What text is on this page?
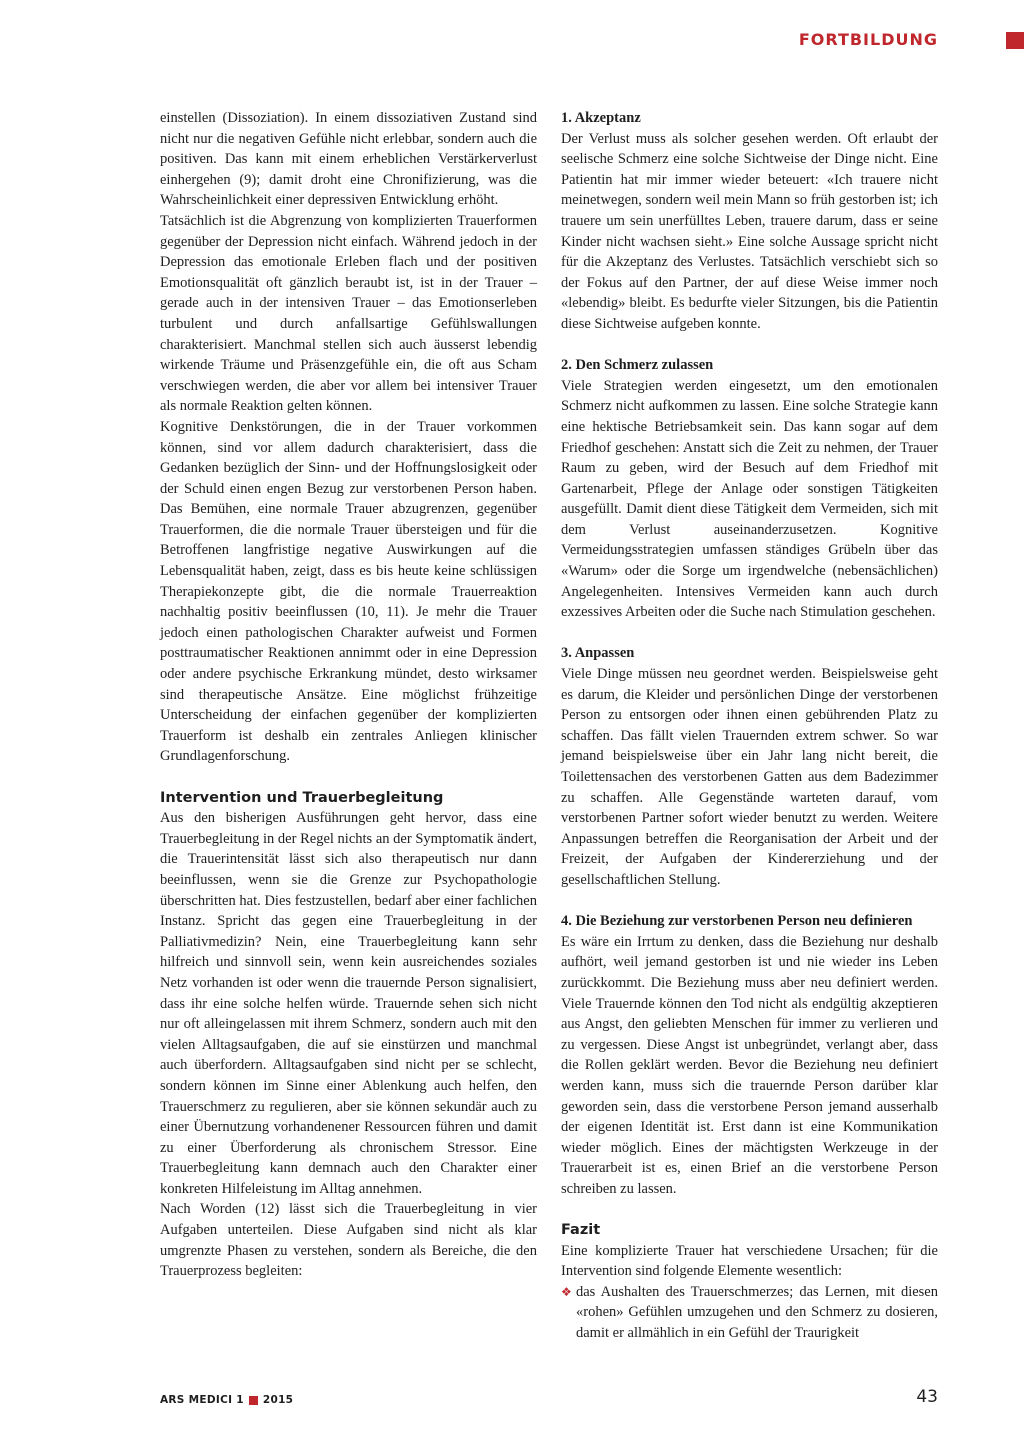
FORTBILDUNG

einstellen (Dissoziation). In einem dissoziativen Zustand sind nicht nur die negativen Gefühle nicht erlebbar, sondern auch die positiven. Das kann mit einem erheblichen Verstärkerverlust einhergehen (9); damit droht eine Chronifizierung, was die Wahrscheinlichkeit einer depressiven Entwicklung erhöht.

Tatsächlich ist die Abgrenzung von komplizierten Trauerformen gegenüber der Depression nicht einfach. Während jedoch in der Depression das emotionale Erleben flach und der positiven Emotionsqualität oft gänzlich beraubt ist, ist in der Trauer – gerade auch in der intensiven Trauer – das Emotionserleben turbulent und durch anfallsartige Gefühlswallungen charakterisiert. Manchmal stellen sich auch äusserst lebendig wirkende Träume und Präsenzgefühle ein, die oft aus Scham verschwiegen werden, die aber vor allem bei intensiver Trauer als normale Reaktion gelten können.

Kognitive Denkstörungen, die in der Trauer vorkommen können, sind vor allem dadurch charakterisiert, dass die Gedanken bezüglich der Sinn- und der Hoffnungslosigkeit oder der Schuld einen engen Bezug zur verstorbenen Person haben. Das Bemühen, eine normale Trauer abzugrenzen, gegenüber Trauerformen, die die normale Trauer übersteigen und für die Betroffenen langfristige negative Auswirkungen auf die Lebensqualität haben, zeigt, dass es bis heute keine schlüssigen Therapiekonzepte gibt, die die normale Trauerreaktion nachhaltig positiv beeinflussen (10, 11). Je mehr die Trauer jedoch einen pathologischen Charakter aufweist und Formen posttraumatischer Reaktionen annimmt oder in eine Depression oder andere psychische Erkrankung mündet, desto wirksamer sind therapeutische Ansätze. Eine möglichst frühzeitige Unterscheidung der einfachen gegenüber der komplizierten Trauerform ist deshalb ein zentrales Anliegen klinischer Grundlagenforschung.

Intervention und Trauerbegleitung

Aus den bisherigen Ausführungen geht hervor, dass eine Trauerbegleitung in der Regel nichts an der Symptomatik ändert, die Trauerintensität lässt sich also therapeutisch nur dann beeinflussen, wenn sie die Grenze zur Psychopathologie überschritten hat. Dies festzustellen, bedarf aber einer fachlichen Instanz. Spricht das gegen eine Trauerbegleitung in der Palliativmedizin? Nein, eine Trauerbegleitung kann sehr hilfreich und sinnvoll sein, wenn kein ausreichendes soziales Netz vorhanden ist oder wenn die trauernde Person signalisiert, dass ihr eine solche helfen würde. Trauernde sehen sich nicht nur oft alleingelassen mit ihrem Schmerz, sondern auch mit den vielen Alltagsaufgaben, die auf sie einstürzen und manchmal auch überfordern. Alltagsaufgaben sind nicht per se schlecht, sondern können im Sinne einer Ablenkung auch helfen, den Trauerschmerz zu regulieren, aber sie können sekundär auch zu einer Übernutzung vorhandenener Ressourcen führen und damit zu einer Überforderung als chronischem Stressor. Eine Trauerbegleitung kann demnach auch den Charakter einer konkreten Hilfeleistung im Alltag annehmen.

Nach Worden (12) lässt sich die Trauerbegleitung in vier Aufgaben unterteilen. Diese Aufgaben sind nicht als klar umgrenzte Phasen zu verstehen, sondern als Bereiche, die den Trauerprozess begleiten:

1. Akzeptanz

Der Verlust muss als solcher gesehen werden. Oft erlaubt der seelische Schmerz eine solche Sichtweise der Dinge nicht. Eine Patientin hat mir immer wieder beteuert: «Ich trauere nicht meinetwegen, sondern weil mein Mann so früh gestorben ist; ich trauere um sein unerfülltes Leben, trauere darum, dass er seine Kinder nicht wachsen sieht.» Eine solche Aussage spricht nicht für die Akzeptanz des Verlustes. Tatsächlich verschiebt sich so der Fokus auf den Partner, der auf diese Weise immer noch «lebendig» bleibt. Es bedurfte vieler Sitzungen, bis die Patientin diese Sichtweise aufgeben konnte.

2. Den Schmerz zulassen

Viele Strategien werden eingesetzt, um den emotionalen Schmerz nicht aufkommen zu lassen. Eine solche Strategie kann eine hektische Betriebsamkeit sein. Das kann sogar auf dem Friedhof geschehen: Anstatt sich die Zeit zu nehmen, der Trauer Raum zu geben, wird der Besuch auf dem Friedhof mit Gartenarbeit, Pflege der Anlage oder sonstigen Tätigkeiten ausgefüllt. Damit dient diese Tätigkeit dem Vermeiden, sich mit dem Verlust auseinanderzusetzen. Kognitive Vermeidungsstrategien umfassen ständiges Grübeln über das «Warum» oder die Sorge um irgendwelche (nebensächlichen) Angelegenheiten. Intensives Vermeiden kann auch durch exzessives Arbeiten oder die Suche nach Stimulation geschehen.

3. Anpassen

Viele Dinge müssen neu geordnet werden. Beispielsweise geht es darum, die Kleider und persönlichen Dinge der verstorbenen Person zu entsorgen oder ihnen einen gebührenden Platz zu schaffen. Das fällt vielen Trauernden extrem schwer. So war jemand beispielsweise über ein Jahr lang nicht bereit, die Toilettensachen des verstorbenen Gatten aus dem Badezimmer zu schaffen. Alle Gegenstände warteten darauf, vom verstorbenen Partner sofort wieder benutzt zu werden. Weitere Anpassungen betreffen die Reorganisation der Arbeit und der Freizeit, der Aufgaben der Kindererziehung und der gesellschaftlichen Stellung.

4. Die Beziehung zur verstorbenen Person neu definieren

Es wäre ein Irrtum zu denken, dass die Beziehung nur deshalb aufhört, weil jemand gestorben ist und nie wieder ins Leben zurückkommt. Die Beziehung muss aber neu definiert werden. Viele Trauernde können den Tod nicht als endgültig akzeptieren aus Angst, den geliebten Menschen für immer zu verlieren und zu vergessen. Diese Angst ist unbegründet, verlangt aber, dass die Rollen geklärt werden. Bevor die Beziehung neu definiert werden kann, muss sich die trauernde Person darüber klar geworden sein, dass die verstorbene Person jemand ausserhalb der eigenen Identität ist. Erst dann ist eine Kommunikation wieder möglich. Eines der mächtigsten Werkzeuge in der Trauerarbeit ist es, einen Brief an die verstorbene Person schreiben zu lassen.

Fazit

Eine komplizierte Trauer hat verschiedene Ursachen; für die Intervention sind folgende Elemente wesentlich:

❖ das Aushalten des Trauerschmerzes; das Lernen, mit diesen «rohen» Gefühlen umzugehen und den Schmerz zu dosieren, damit er allmählich in ein Gefühl der Traurigkeit

ARS MEDICI 1 2015	43
